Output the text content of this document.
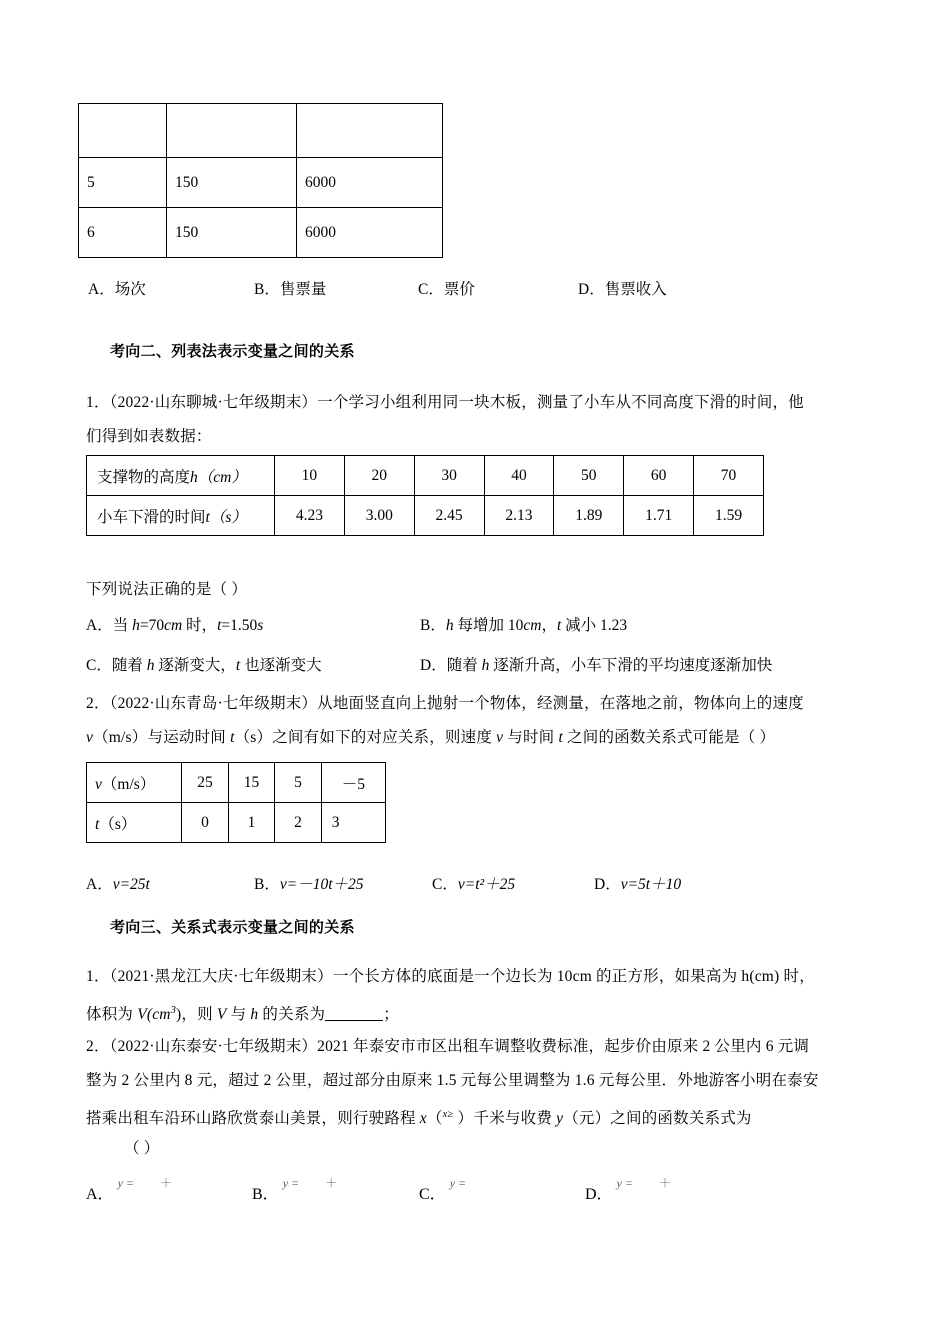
5	150	6000
6	150	6000
A．场次	B．售票量	C．票价	D．售票收入
考向二、列表法表示变量之间的关系
1．（2022·山东聊城·七年级期末）一个学习小组利用同一块木板，测量了小车从不同高度下滑的时间，他
们得到如表数据：
支撑物的高度h（cm）	10	20	30	40	50	60	70
小车下滑的时间t（s）	4.23	3.00	2.45	2.13	1.89	1.71	1.59
下列说法正确的是（ ）
A．当 h=70cm 时，t=1.50s	B．h 每增加 10cm，t 减小 1.23
C．随着 h 逐渐变大，t 也逐渐变大	D．随着 h 逐渐升高，小车下滑的平均速度逐渐加快
2．（2022·山东青岛·七年级期末）从地面竖直向上抛射一个物体，经测量，在落地之前，物体向上的速度
v（m/s）与运动时间 t（s）之间有如下的对应关系，则速度 v 与时间 t 之间的函数关系式可能是（ ）
v（m/s）	25	15	5	－5
t（s）	0	1	2	3
A．v=25t	B．v=－10t＋25	C．v=t²＋25	D．v=5t＋10
考向三、关系式表示变量之间的关系
1．（2021·黑龙江大庆·七年级期末）一个长方体的底面是一个边长为 10cm 的正方形，如果高为 h(cm) 时，
体积为 $V(cm^3)$，则 V 与 h 的关系为	；
2．（2022·山东泰安·七年级期末）2021 年泰安市市区出租车调整收费标准，起步价由原来 2 公里内 6 元调
整为 2 公里内 8 元，超过 2 公里，超过部分由原来 1.5 元每公里调整为 1.6 元每公里．外地游客小明在泰安
搭乘出租车沿环山路欣赏泰山美景，则行驶路程 x（$^{x\ge}$ ）千米与收费 y（元）之间的函数关系式为
（ ）
A．$^{y = +}$
B．$^{y = +}$
C．$^{y =}$
D．$^{y = +}$
